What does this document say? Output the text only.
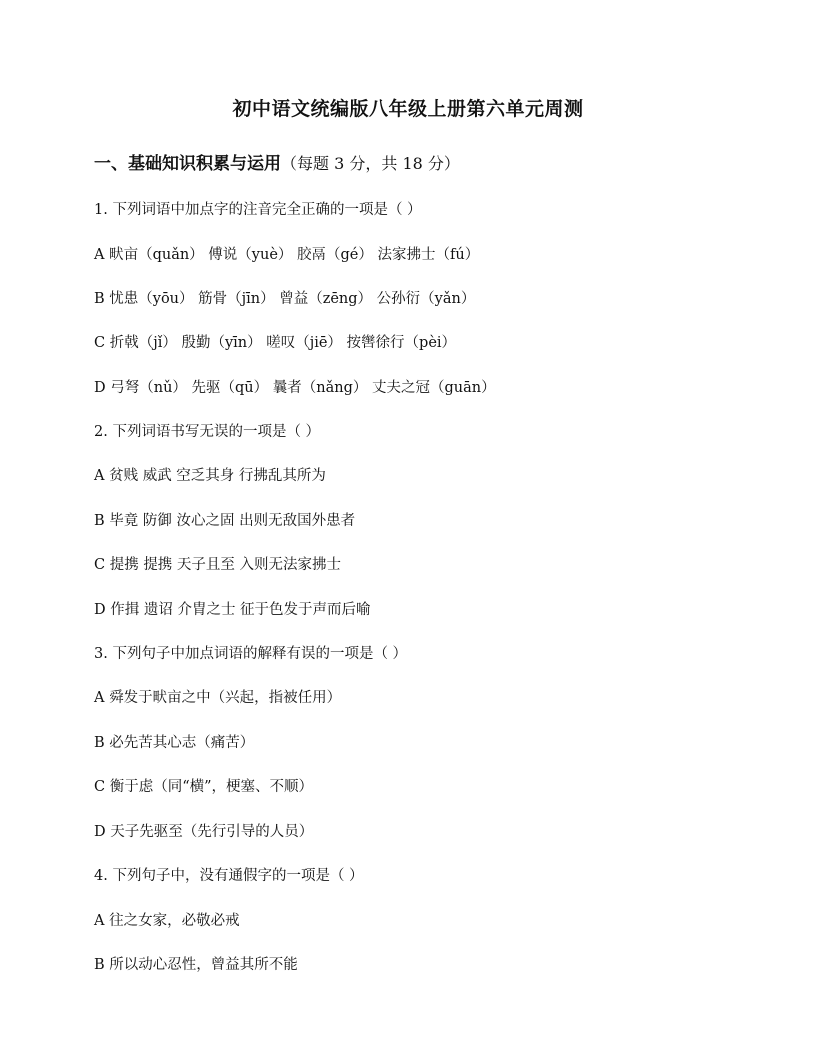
初中语文统编版八年级上册第六单元周测
一、基础知识积累与运用（每题 3 分，共 18 分）
1. 下列词语中加点字的注音完全正确的一项是（ ）
A 畎亩（quǎn） 傅说（yuè） 胶鬲（gé） 法家拂士（fú）
B 忧患（yōu） 筋骨（jīn） 曾益（zēng） 公孙衍（yǎn）
C 折戟（jǐ） 殷勤（yīn） 嗟叹（jiē） 按辔徐行（pèi）
D 弓弩（nǔ） 先驱（qū） 曩者（nǎng） 丈夫之冠（guān）
2. 下列词语书写无误的一项是（ ）
A 贫贱 威武 空乏其身 行拂乱其所为
B 毕竟 防御 汝心之固 出则无敌国外患者
C 提携 提携 天子且至 入则无法家拂士
D 作揖 遗诏 介胄之士 征于色发于声而后喻
3. 下列句子中加点词语的解释有误的一项是（ ）
A 舜发于畎亩之中（兴起，指被任用）
B 必先苦其心志（痛苦）
C 衡于虑（同“横”，梗塞、不顺）
D 天子先驱至（先行引导的人员）
4. 下列句子中，没有通假字的一项是（ ）
A 往之女家，必敬必戒
B 所以动心忍性，曾益其所不能
